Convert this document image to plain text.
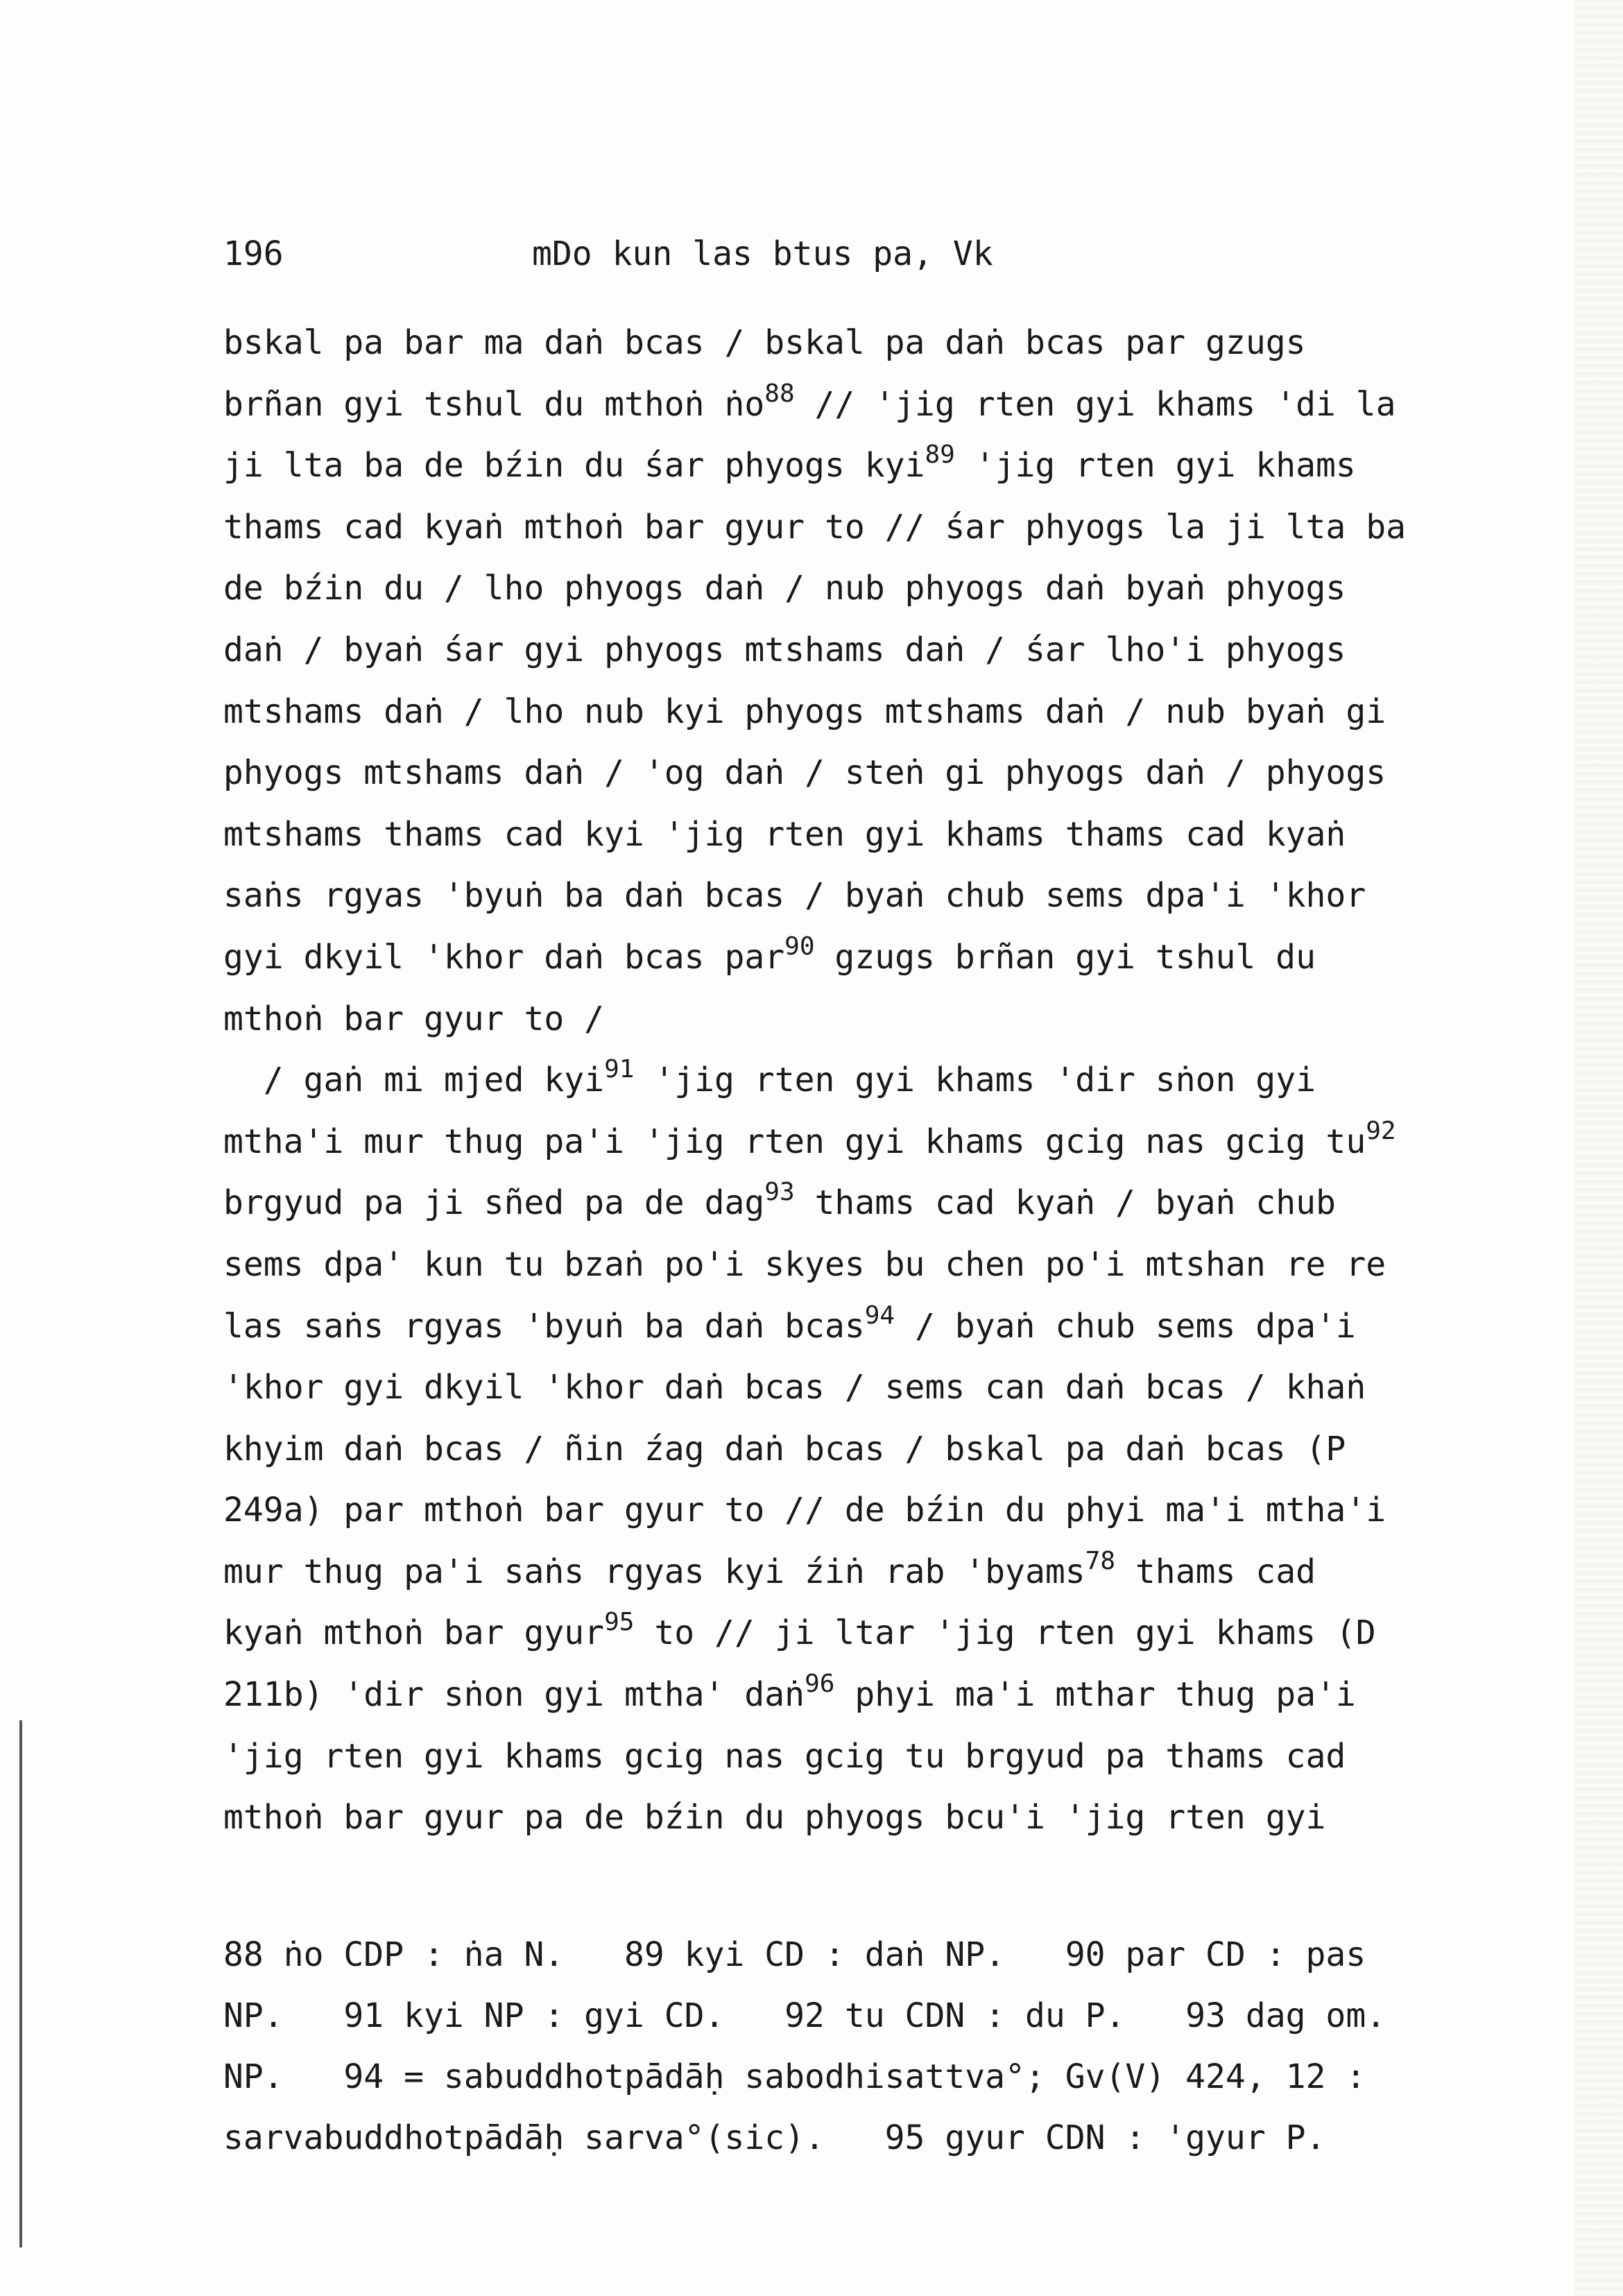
196	mDo kun las btus pa, Vk
bskal pa bar ma daṅ bcas / bskal pa daṅ bcas par gzugs
brñan gyi tshul du mthoṅ ṅo$^{88}$ // 'jig rten gyi khams 'di la
ji lta ba de bźin du śar phyogs kyi$^{89}$ 'jig rten gyi khams
thams cad kyaṅ mthoṅ bar gyur to // śar phyogs la ji lta ba
de bźin du / lho phyogs daṅ / nub phyogs daṅ byaṅ phyogs
daṅ / byaṅ śar gyi phyogs mtshams daṅ / śar lho'i phyogs
mtshams daṅ / lho nub kyi phyogs mtshams daṅ / nub byaṅ gi
phyogs mtshams daṅ / 'og daṅ / steṅ gi phyogs daṅ / phyogs
mtshams thams cad kyi 'jig rten gyi khams thams cad kyaṅ
saṅs rgyas 'byuṅ ba daṅ bcas / byaṅ chub sems dpa'i 'khor
gyi dkyil 'khor daṅ bcas par$^{90}$ gzugs brñan gyi tshul du
mthoṅ bar gyur to /
/ gaṅ mi mjed kyi$^{91}$ 'jig rten gyi khams 'dir sṅon gyi
mtha'i mur thug pa'i 'jig rten gyi khams gcig nas gcig $tu^{92}$
brgyud pa ji sñed pa de dag$^{93}$ thams cad kyaṅ / byaṅ chub
sems dpa' kun tu bzaṅ po'i skyes bu chen po'i mtshan re re
las saṅs rgyas 'byuṅ ba daṅ bcas$^{94}$ / byaṅ chub sems dpa'i
'khor gyi dkyil 'khor daṅ bcas / sems can daṅ bcas / khaṅ
khyim daṅ bcas / ñin źag daṅ bcas / bskal pa daṅ bcas (P
249a) par mthoṅ bar gyur to // de bźin du phyi ma'i mtha'i
mur thug pa'i saṅs rgyas kyi źiṅ rab 'byams$^{78}$ thams cad
kyaṅ mthoṅ bar gyur$^{95}$ to // ji ltar 'jig rten gyi khams (D
211b) 'dir sṅon gyi mtha' daṅ$^{96}$ phyi ma'i mthar thug pa'i
'jig rten gyi khams gcig nas gcig tu brgyud pa thams cad
mthoṅ bar gyur pa de bźin du phyogs bcu'i 'jig rten gyi
88 ṅo CDP : ṅa N.   89 kyi CD : daṅ NP.   90 par CD : pas
NP.   91 kyi NP : gyi CD.   92 tu CDN : du P.   93 dag om.
NP.   94 = sabuddhotpādāḥ sabodhisattva°; Gv(V) 424, 12 :
sarvabuddhotpādāḥ sarva°(sic).   95 gyur CDN : 'gyur P.
